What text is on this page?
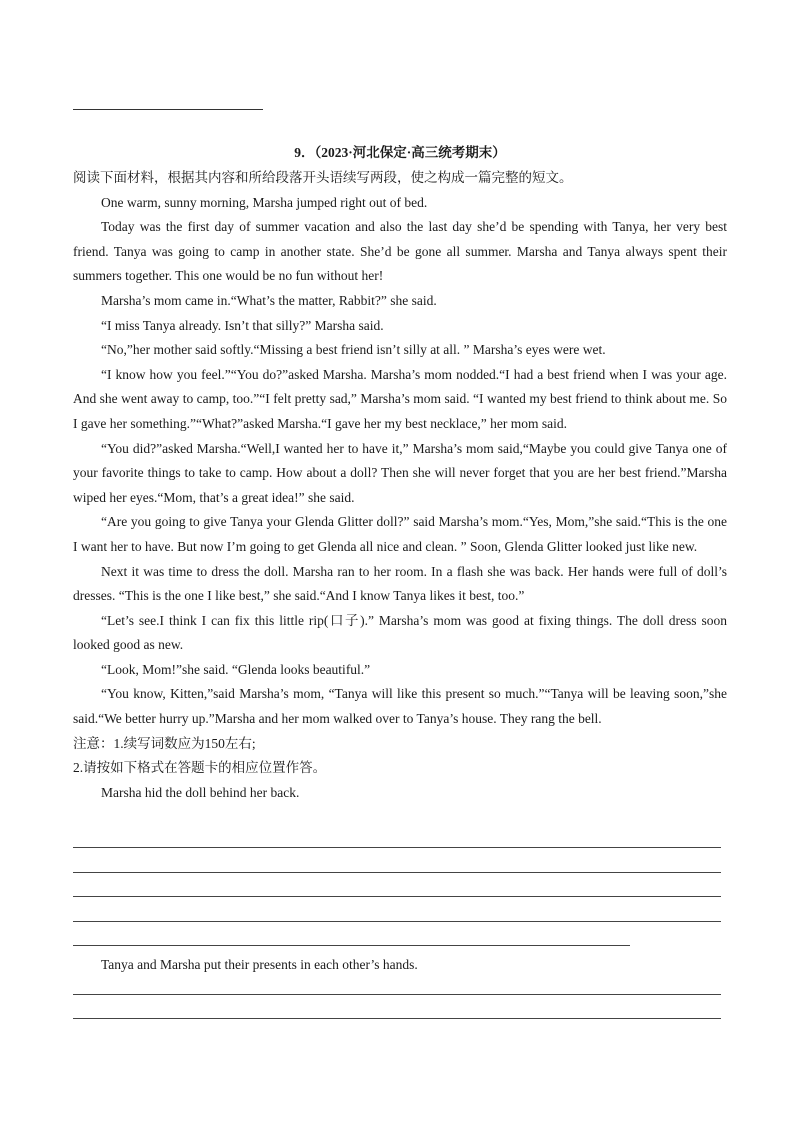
9．（2023·河北保定·高三统考期末）

阅读下面材料，根据其内容和所给段落开头语续写两段，使之构成一篇完整的短文。

One warm, sunny morning, Marsha jumped right out of bed.

Today was the first day of summer vacation and also the last day she’d be spending with Tanya, her very best friend. Tanya was going to camp in another state. She’d be gone all summer. Marsha and Tanya always spent their summers together. This one would be no fun without her!

Marsha’s mom came in.“What’s the matter, Rabbit?” she said.

“I miss Tanya already. Isn’t that silly?” Marsha said.

“No,”her mother said softly.“Missing a best friend isn’t silly at all. ” Marsha’s eyes were wet.

“I know how you feel.”“You do?”asked Marsha. Marsha’s mom nodded.“I had a best friend when I was your age. And she went away to camp, too.”“I felt pretty sad,” Marsha’s mom said. “I wanted my best friend to think about me. So I gave her something.”“What?”asked Marsha.“I gave her my best necklace,” her mom said.

“You did?”asked Marsha.“Well,I wanted her to have it,” Marsha’s mom said,“Maybe you could give Tanya one of your favorite things to take to camp. How about a doll? Then she will never forget that you are her best friend.”Marsha wiped her eyes.“Mom, that’s a great idea!” she said.

“Are you going to give Tanya your Glenda Glitter doll?” said Marsha’s mom.“Yes, Mom,”she said.“This is the one I want her to have. But now I’m going to get Glenda all nice and clean. ” Soon, Glenda Glitter looked just like new.

Next it was time to dress the doll. Marsha ran to her room. In a flash she was back. Her hands were full of doll’s dresses. “This is the one I like best,” she said.“And I know Tanya likes it best, too.”

“Let’s see.I think I can fix this little rip(口子).” Marsha’s mom was good at fixing things. The doll dress soon looked good as new.

“Look, Mom!”she said. “Glenda looks beautiful.”

“You know, Kitten,”said Marsha’s mom, “Tanya will like this present so much.”“Tanya will be leaving soon,”she said.“We better hurry up.”Marsha and her mom walked over to Tanya’s house. They rang the bell.

注意：1.续写词数应为150左右;

2.请按如下格式在答题卡的相应位置作答。

Marsha hid the doll behind her back.

Tanya and Marsha put their presents in each other’s hands.
